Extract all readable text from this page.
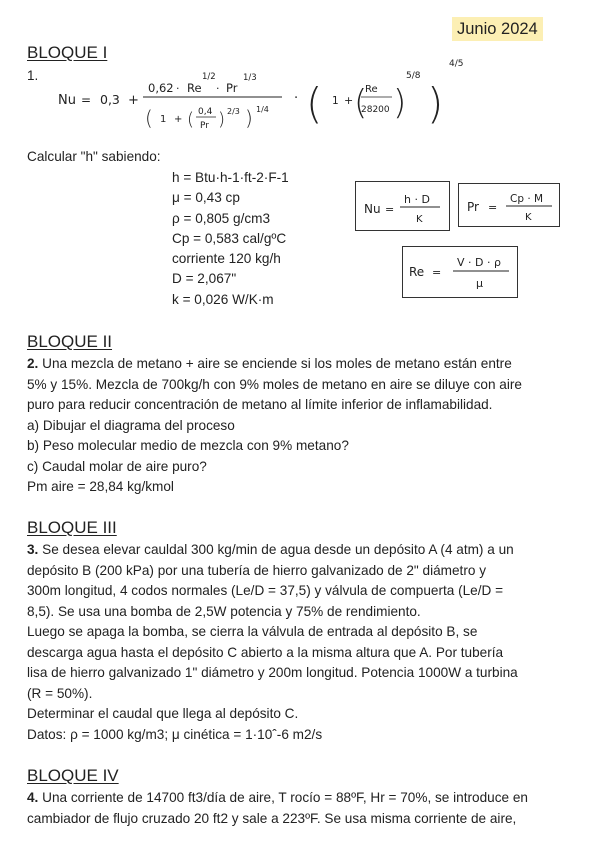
Junio 2024
BLOQUE I
1.
Nu = 0,3 +
0,62 · Re
1/2
· Pr
1/3
( 1 + ( 0,4
Pr ) 2/3 ) 1/4
· ( 1 + (
Re
28200 )
5/8
)
4/5

Calcular "h" sabiendo:

h = Btu·h-1·ft-2·F-1
μ = 0,43 cp
ρ = 0,805 g/cm3
Cp = 0,583 cal/gºC
corriente 120 kg/h
D = 2,067"
k = 0,026 W/K·m
Nu =
h · D
K
Pr =
Cp · M
K
Re =
V · D · ρ
μ
BLOQUE II
2. Una mezcla de metano + aire se enciende si los moles de metano están entre
5% y 15%. Mezcla de 700kg/h con 9% moles de metano en aire se diluye con aire
puro para reducir concentración de metano al límite inferior de inflamabilidad.
a) Dibujar el diagrama del proceso
b) Peso molecular medio de mezcla con 9% metano?
c) Caudal molar de aire puro?
Pm aire = 28,84 kg/kmol
BLOQUE III
3. Se desea elevar cauldal 300 kg/min de agua desde un depósito A (4 atm) a un
depósito B (200 kPa) por una tubería de hierro galvanizado de 2" diámetro y
300m longitud, 4 codos normales (Le/D = 37,5) y válvula de compuerta (Le/D =
8,5). Se usa una bomba de 2,5W potencia y 75% de rendimiento.
Luego se apaga la bomba, se cierra la válvula de entrada al depósito B, se
descarga agua hasta el depósito C abierto a la misma altura que A. Por tubería
lisa de hierro galvanizado 1" diámetro y 200m longitud. Potencia 1000W a turbina
(R = 50%).
Determinar el caudal que llega al depósito C.
Datos: ρ = 1000 kg/m3; μ cinética = 1·10ˆ-6 m2/s
BLOQUE IV
4. Una corriente de 14700 ft3/día de aire, T rocío = 88ºF, Hr = 70%, se introduce en
cambiador de flujo cruzado 20 ft2 y sale a 223ºF. Se usa misma corriente de aire,
